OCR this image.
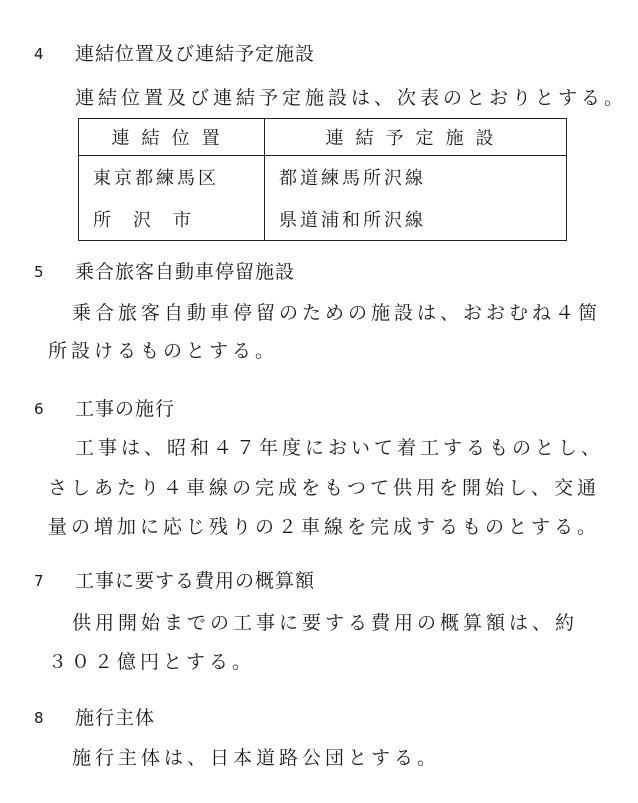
4 連結位置及び連結予定施設
連結位置及び連結予定施設は、次表のとおりとする。
連結位置	連結予定施設
東京都練馬区	都道練馬所沢線
所沢市	県道浦和所沢線
5 乗合旅客自動車停留施設
乗合旅客自動車停留のための施設は、おおむね４箇
所設けるものとする。
6 工事の施行
工事は、昭和４７年度において着工するものとし、
さしあたり４車線の完成をもつて供用を開始し、交通
量の増加に応じ残りの２車線を完成するものとする。
7 工事に要する費用の概算額
供用開始までの工事に要する費用の概算額は、約
３０２億円とする。
8 施行主体
施行主体は、日本道路公団とする。
